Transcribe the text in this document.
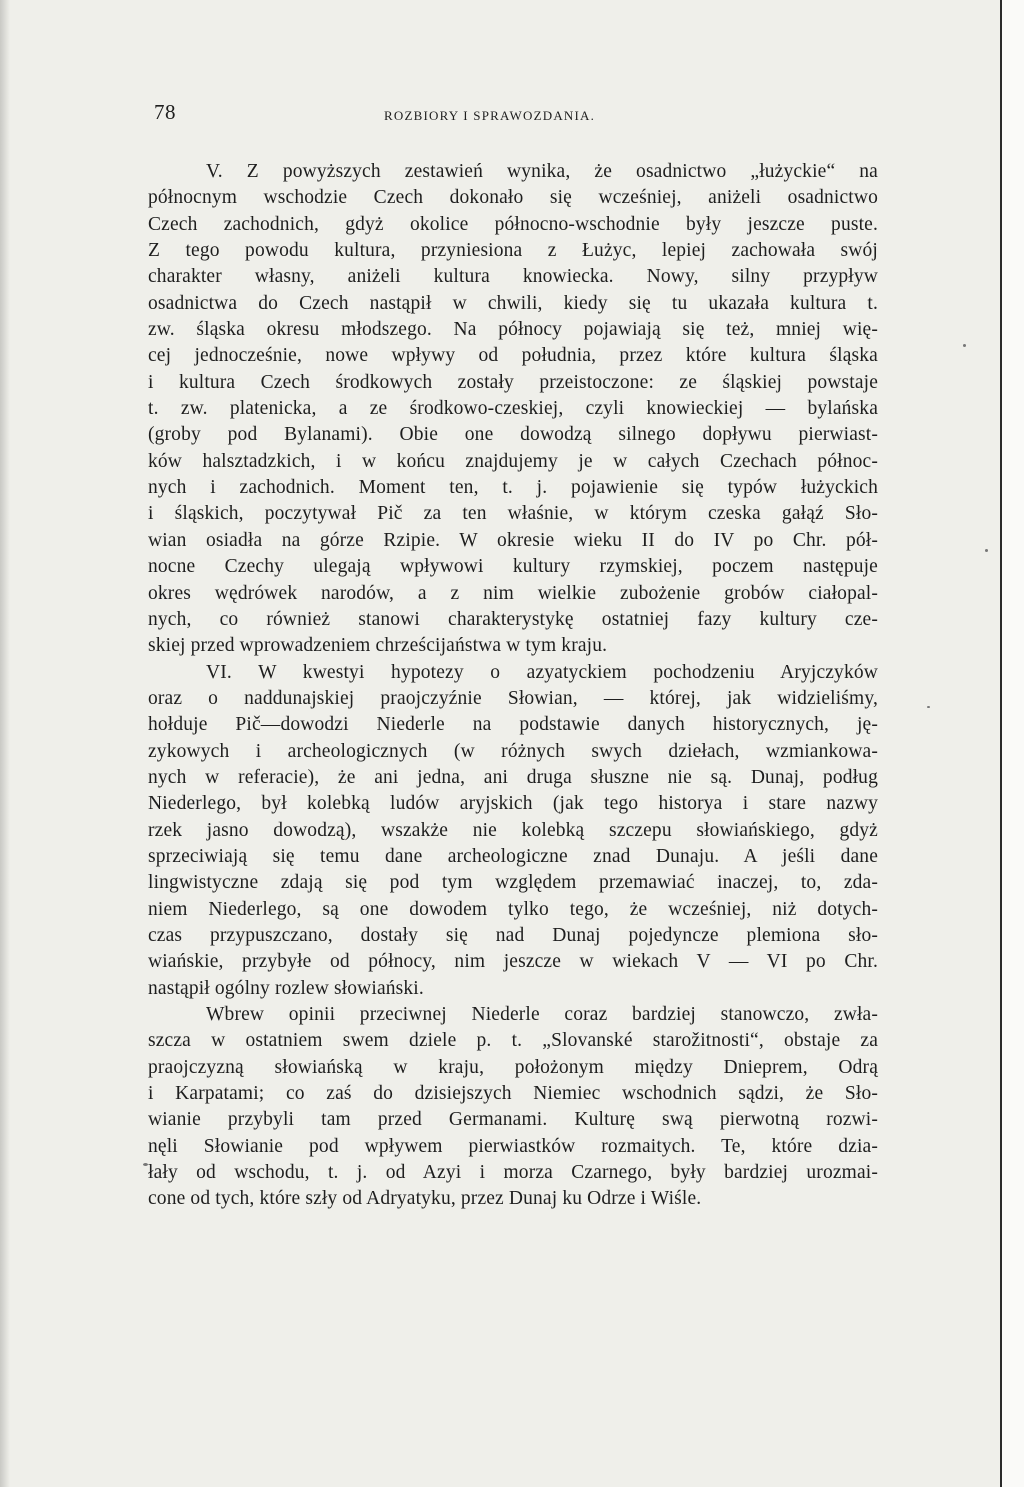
78	ROZBIORY I SPRAWOZDANIA.
V. Z powyższych zestawień wynika, że osadnictwo „łużyckie“ na
północnym wschodzie Czech dokonało się wcześniej, aniżeli osadnictwo
Czech zachodnich, gdyż okolice północno-wschodnie były jeszcze puste.
Z tego powodu kultura, przyniesiona z Łużyc, lepiej zachowała swój
charakter własny, aniżeli kultura knowiecka. Nowy, silny przypływ
osadnictwa do Czech nastąpił w chwili, kiedy się tu ukazała kultura t.
zw. śląska okresu młodszego. Na północy pojawiają się też, mniej wię-
cej jednocześnie, nowe wpływy od południa, przez które kultura śląska
i kultura Czech środkowych zostały przeistoczone: ze śląskiej powstaje
t. zw. platenicka, a ze środkowo-czeskiej, czyli knowieckiej — bylańska
(groby pod Bylanami). Obie one dowodzą silnego dopływu pierwiast-
ków halsztadzkich, i w końcu znajdujemy je w całych Czechach północ-
nych i zachodnich. Moment ten, t. j. pojawienie się typów łużyckich
i śląskich, poczytywał Pič za ten właśnie, w którym czeska gałąź Sło-
wian osiadła na górze Rzipie. W okresie wieku II do IV po Chr. pół-
nocne Czechy ulegają wpływowi kultury rzymskiej, poczem następuje
okres wędrówek narodów, a z nim wielkie zubożenie grobów ciałopal-
nych, co również stanowi charakterystykę ostatniej fazy kultury cze-
skiej przed wprowadzeniem chrześcijaństwa w tym kraju.
VI. W kwestyi hypotezy o azyatyckiem pochodzeniu Aryjczyków
oraz o naddunajskiej praojczyźnie Słowian, — której, jak widzieliśmy,
hołduje Pič—dowodzi Niederle na podstawie danych historycznych, ję-
zykowych i archeologicznych (w różnych swych dziełach, wzmiankowa-
nych w referacie), że ani jedna, ani druga słuszne nie są. Dunaj, podług
Niederlego, był kolebką ludów aryjskich (jak tego historya i stare nazwy
rzek jasno dowodzą), wszakże nie kolebką szczepu słowiańskiego, gdyż
sprzeciwiają się temu dane archeologiczne znad Dunaju. A jeśli dane
lingwistyczne zdają się pod tym względem przemawiać inaczej, to, zda-
niem Niederlego, są one dowodem tylko tego, że wcześniej, niż dotych-
czas przypuszczano, dostały się nad Dunaj pojedyncze plemiona sło-
wiańskie, przybyłe od północy, nim jeszcze w wiekach V — VI po Chr.
nastąpił ogólny rozlew słowiański.
Wbrew opinii przeciwnej Niederle coraz bardziej stanowczo, zwła-
szcza w ostatniem swem dziele p. t. „Slovanské starožitnosti“, obstaje za
praojczyzną słowiańską w kraju, położonym między Dnieprem, Odrą
i Karpatami; co zaś do dzisiejszych Niemiec wschodnich sądzi, że Sło-
wianie przybyli tam przed Germanami. Kulturę swą pierwotną rozwi-
nęli Słowianie pod wpływem pierwiastków rozmaitych. Te, które dzia-
łały od wschodu, t. j. od Azyi i morza Czarnego, były bardziej urozmai-
cone od tych, które szły od Adryatyku, przez Dunaj ku Odrze i Wiśle.
